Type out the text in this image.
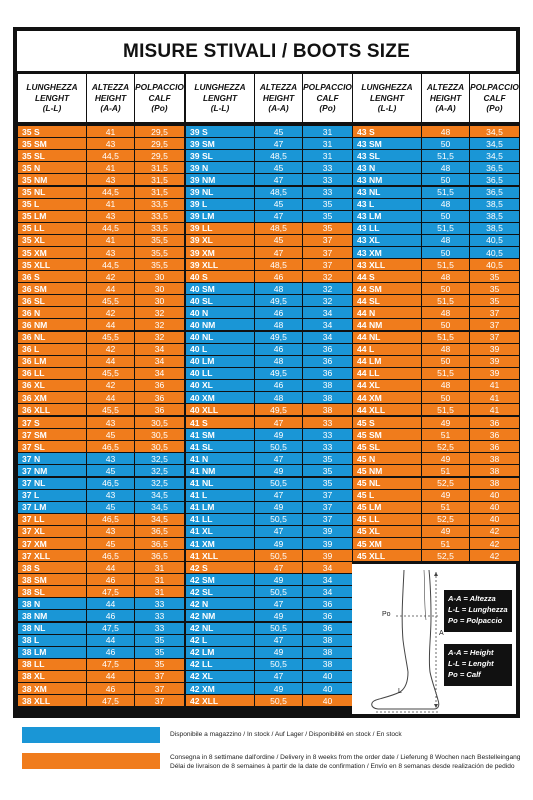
MISURE STIVALI / BOOTS SIZE
LUNGHEZZA
LENGHT
(L-L)
ALTEZZA
HEIGHT
(A-A)
POLPACCIO
CALF
(Po)
LUNGHEZZA
LENGHT
(L-L)
ALTEZZA
HEIGHT
(A-A)
POLPACCIO
CALF
(Po)
LUNGHEZZA
LENGHT
(L-L)
ALTEZZA
HEIGHT
(A-A)
POLPACCIO
CALF
(Po)
35 S	41	29,5
35 SM	43	29,5
35 SL	44,5	29,5
35 N	41	31,5
35 NM	43	31,5
35 NL	44,5	31,5
35 L	41	33,5
35 LM	43	33,5
35 LL	44,5	33,5
35 XL	41	35,5
35 XM	43	35,5
35 XLL	44,5	35,5
36 S	42	30
36 SM	44	30
36 SL	45,5	30
36 N	42	32
36 NM	44	32
36 NL	45,5	32
36 L	42	34
36 LM	44	34
36 LL	45,5	34
36 XL	42	36
36 XM	44	36
36 XLL	45,5	36
37 S	43	30,5
37 SM	45	30,5
37 SL	46,5	30,5
37 N	43	32,5
37 NM	45	32,5
37 NL	46,5	32,5
37 L	43	34,5
37 LM	45	34,5
37 LL	46,5	34,5
37 XL	43	36,5
37 XM	45	36,5
37 XLL	46,5	36,5
38 S	44	31
38 SM	46	31
38 SL	47,5	31
38 N	44	33
38 NM	46	33
38 NL	47,5	33
38 L	44	35
38 LM	46	35
38 LL	47,5	35
38 XL	44	37
38 XM	46	37
38 XLL	47,5	37
39 S	45	31
39 SM	47	31
39 SL	48,5	31
39 N	45	33
39 NM	47	33
39 NL	48,5	33
39 L	45	35
39 LM	47	35
39 LL	48,5	35
39 XL	45	37
39 XM	47	37
39 XLL	48,5	37
40 S	46	32
40 SM	48	32
40 SL	49,5	32
40 N	46	34
40 NM	48	34
40 NL	49,5	34
40 L	46	36
40 LM	48	36
40 LL	49,5	36
40 XL	46	38
40 XM	48	38
40 XLL	49,5	38
41 S	47	33
41 SM	49	33
41 SL	50,5	33
41 N	47	35
41 NM	49	35
41 NL	50,5	35
41 L	47	37
41 LM	49	37
41 LL	50,5	37
41 XL	47	39
41 XM	49	39
41 XLL	50,5	39
42 S	47	34
42 SM	49	34
42 SL	50,5	34
42 N	47	36
42 NM	49	36
42 NL	50,5	36
42 L	47	38
42 LM	49	38
42 LL	50,5	38
42 XL	47	40
42 XM	49	40
42 XLL	50,5	40
43 S	48	34,5
43 SM	50	34,5
43 SL	51,5	34,5
43 N	48	36,5
43 NM	50	36,5
43 NL	51,5	36,5
43 L	48	38,5
43 LM	50	38,5
43 LL	51,5	38,5
43 XL	48	40,5
43 XM	50	40,5
43 XLL	51,5	40,5
44 S	48	35
44 SM	50	35
44 SL	51,5	35
44 N	48	37
44 NM	50	37
44 NL	51,5	37
44 L	48	39
44 LM	50	39
44 LL	51,5	39
44 XL	48	41
44 XM	50	41
44 XLL	51,5	41
45 S	49	36
45 SM	51	36
45 SL	52,5	36
45 N	49	38
45 NM	51	38
45 NL	52,5	38
45 L	49	40
45 LM	51	40
45 LL	52,5	40
45 XL	49	42
45 XM	51	42
45 XLL	52,5	42
Po
A
L
A-A = Altezza
L-L = Lunghezza
Po = Polpaccio
A-A = Height
L-L = Lenght
Po = Calf
Disponibile a magazzino / In stock / Auf Lager / Disponibilité en stock / En stock
Consegna in 8 settimane dall'ordine / Delivery in 8 weeks from the order date / Lieferung 8 Wochen nach Bestelleingang
Délai de livraison de 8 semaines à partir de la date de confirmation / Envío en 8 semanas desde realización de pedido
